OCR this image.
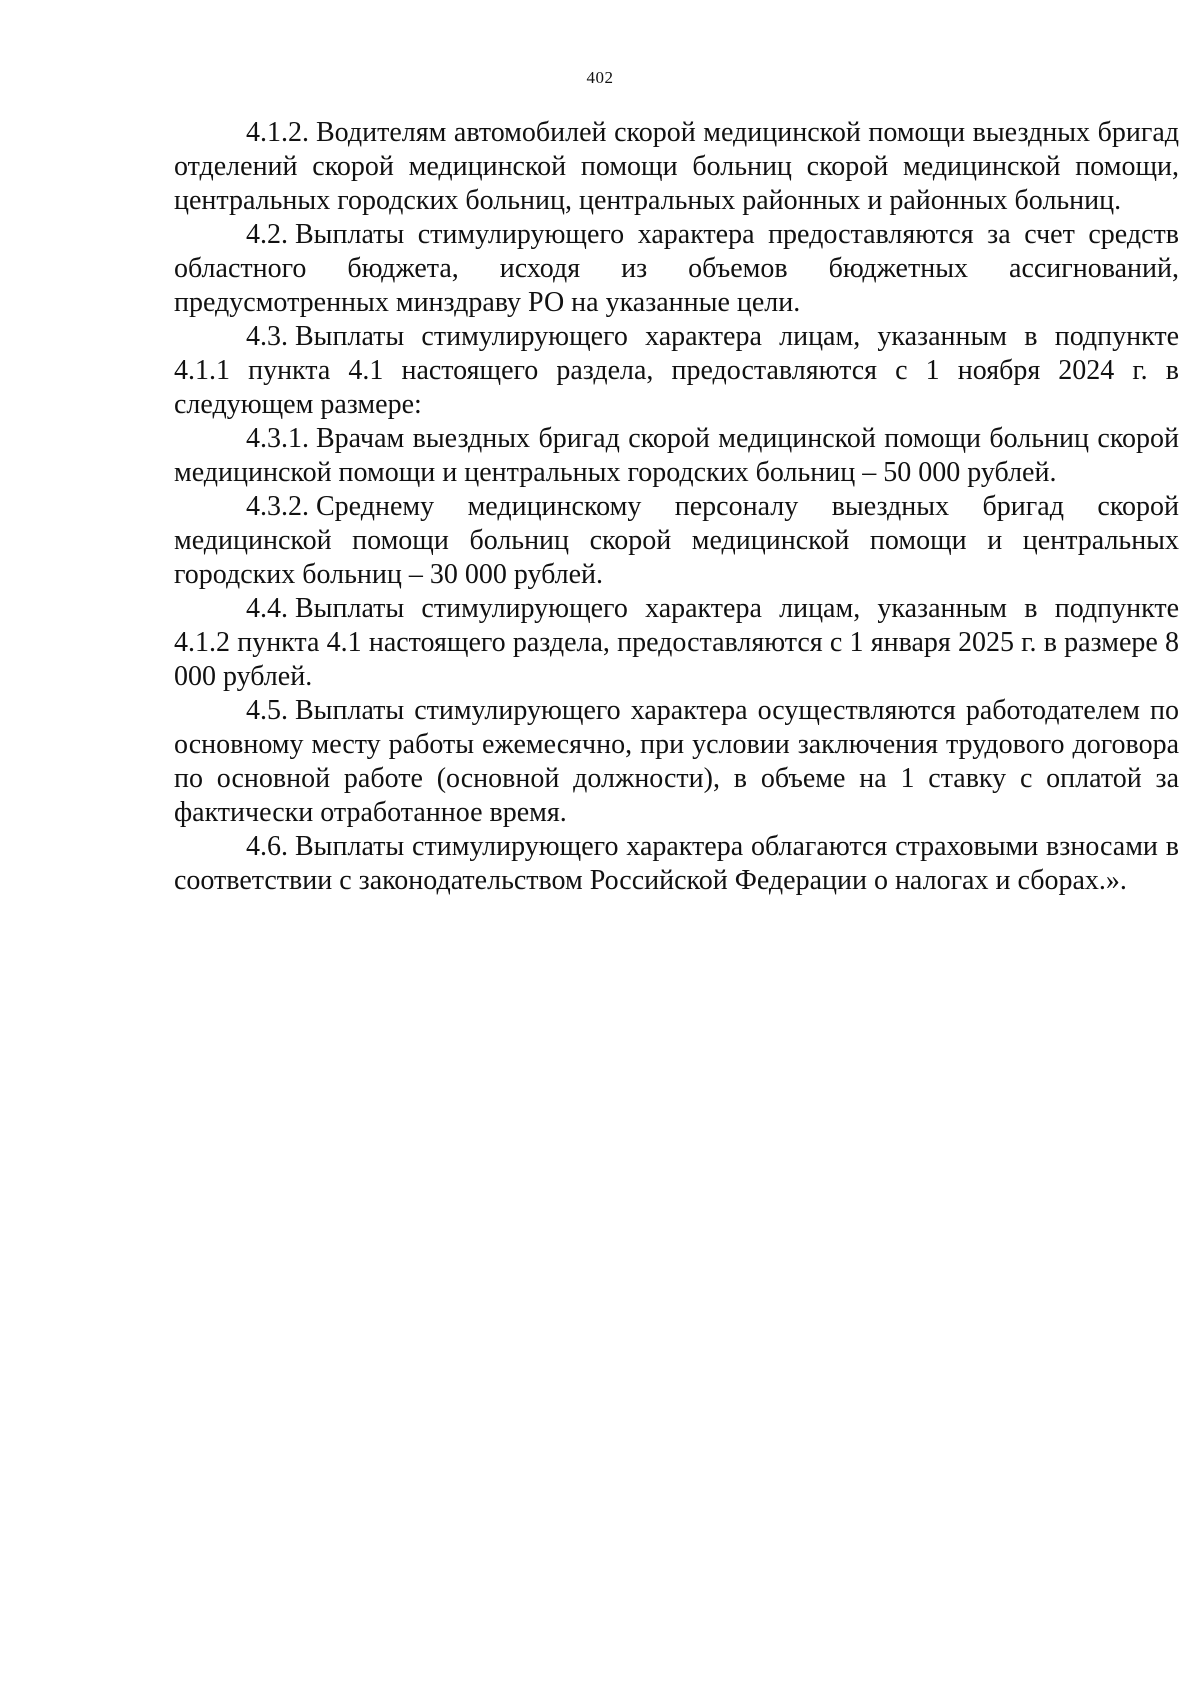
402

4.1.2. Водителям автомобилей скорой медицинской помощи выездных бригад отделений скорой медицинской помощи больниц скорой медицинской помощи, центральных городских больниц, центральных районных и районных больниц.

4.2. Выплаты стимулирующего характера предоставляются за счет средств областного бюджета, исходя из объемов бюджетных ассигнований, предусмотренных минздраву РО на указанные цели.

4.3. Выплаты стимулирующего характера лицам, указанным в подпункте 4.1.1 пункта 4.1 настоящего раздела, предоставляются с 1 ноября 2024 г. в следующем размере:

4.3.1. Врачам выездных бригад скорой медицинской помощи больниц скорой медицинской помощи и центральных городских больниц – 50 000 рублей.

4.3.2. Среднему медицинскому персоналу выездных бригад скорой медицинской помощи больниц скорой медицинской помощи и центральных городских больниц – 30 000 рублей.

4.4. Выплаты стимулирующего характера лицам, указанным в подпункте 4.1.2 пункта 4.1 настоящего раздела, предоставляются с 1 января 2025 г. в размере 8 000 рублей.

4.5. Выплаты стимулирующего характера осуществляются работодателем по основному месту работы ежемесячно, при условии заключения трудового договора по основной работе (основной должности), в объеме на 1 ставку с оплатой за фактически отработанное время.

4.6. Выплаты стимулирующего характера облагаются страховыми взносами в соответствии с законодательством Российской Федерации о налогах и сборах.».
